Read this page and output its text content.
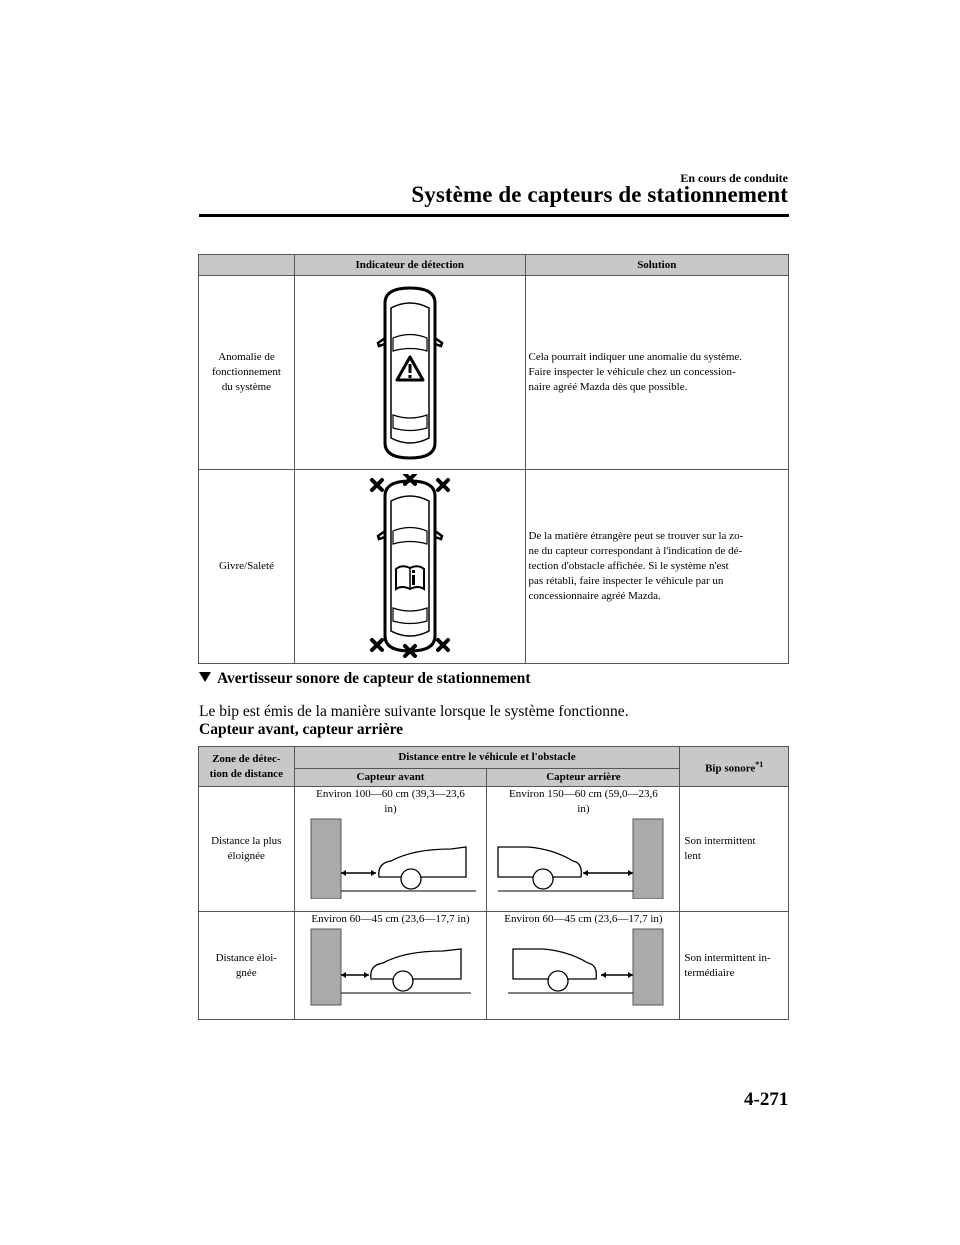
En cours de conduite
Système de capteurs de stationnement
	Indicateur de détection	Solution

Anomalie de
fonctionnement
du système		Cela pourrait indiquer une anomalie du système.
Faire inspecter le véhicule chez un concession-
naire agréé Mazda dès que possible.

Givre/Saleté		De la matière étrangère peut se trouver sur la zo-
ne du capteur correspondant à l'indication de dé-
tection d'obstacle affichée. Si le système n'est
pas rétabli, faire inspecter le véhicule par un
concessionnaire agréé Mazda.
Avertisseur sonore de capteur de stationnement
Le bip est émis de la manière suivante lorsque le système fonctionne.
Capteur avant, capteur arrière
Zone de détec-
tion de distance	Distance entre le véhicule et l'obstacle		Bip sonore$^{*1}$
	Capteur avant	Capteur arrière	

Distance la plus
éloignée	Environ 100―60 cm (39,3―23,6
in)	Environ 150―60 cm (59,0―23,6
in)	Son intermittent
lent

Distance éloi-
gnée	Environ 60―45 cm (23,6―17,7 in)	Environ 60―45 cm (23,6―17,7 in)	Son intermittent in-
termédiaire
4-271
